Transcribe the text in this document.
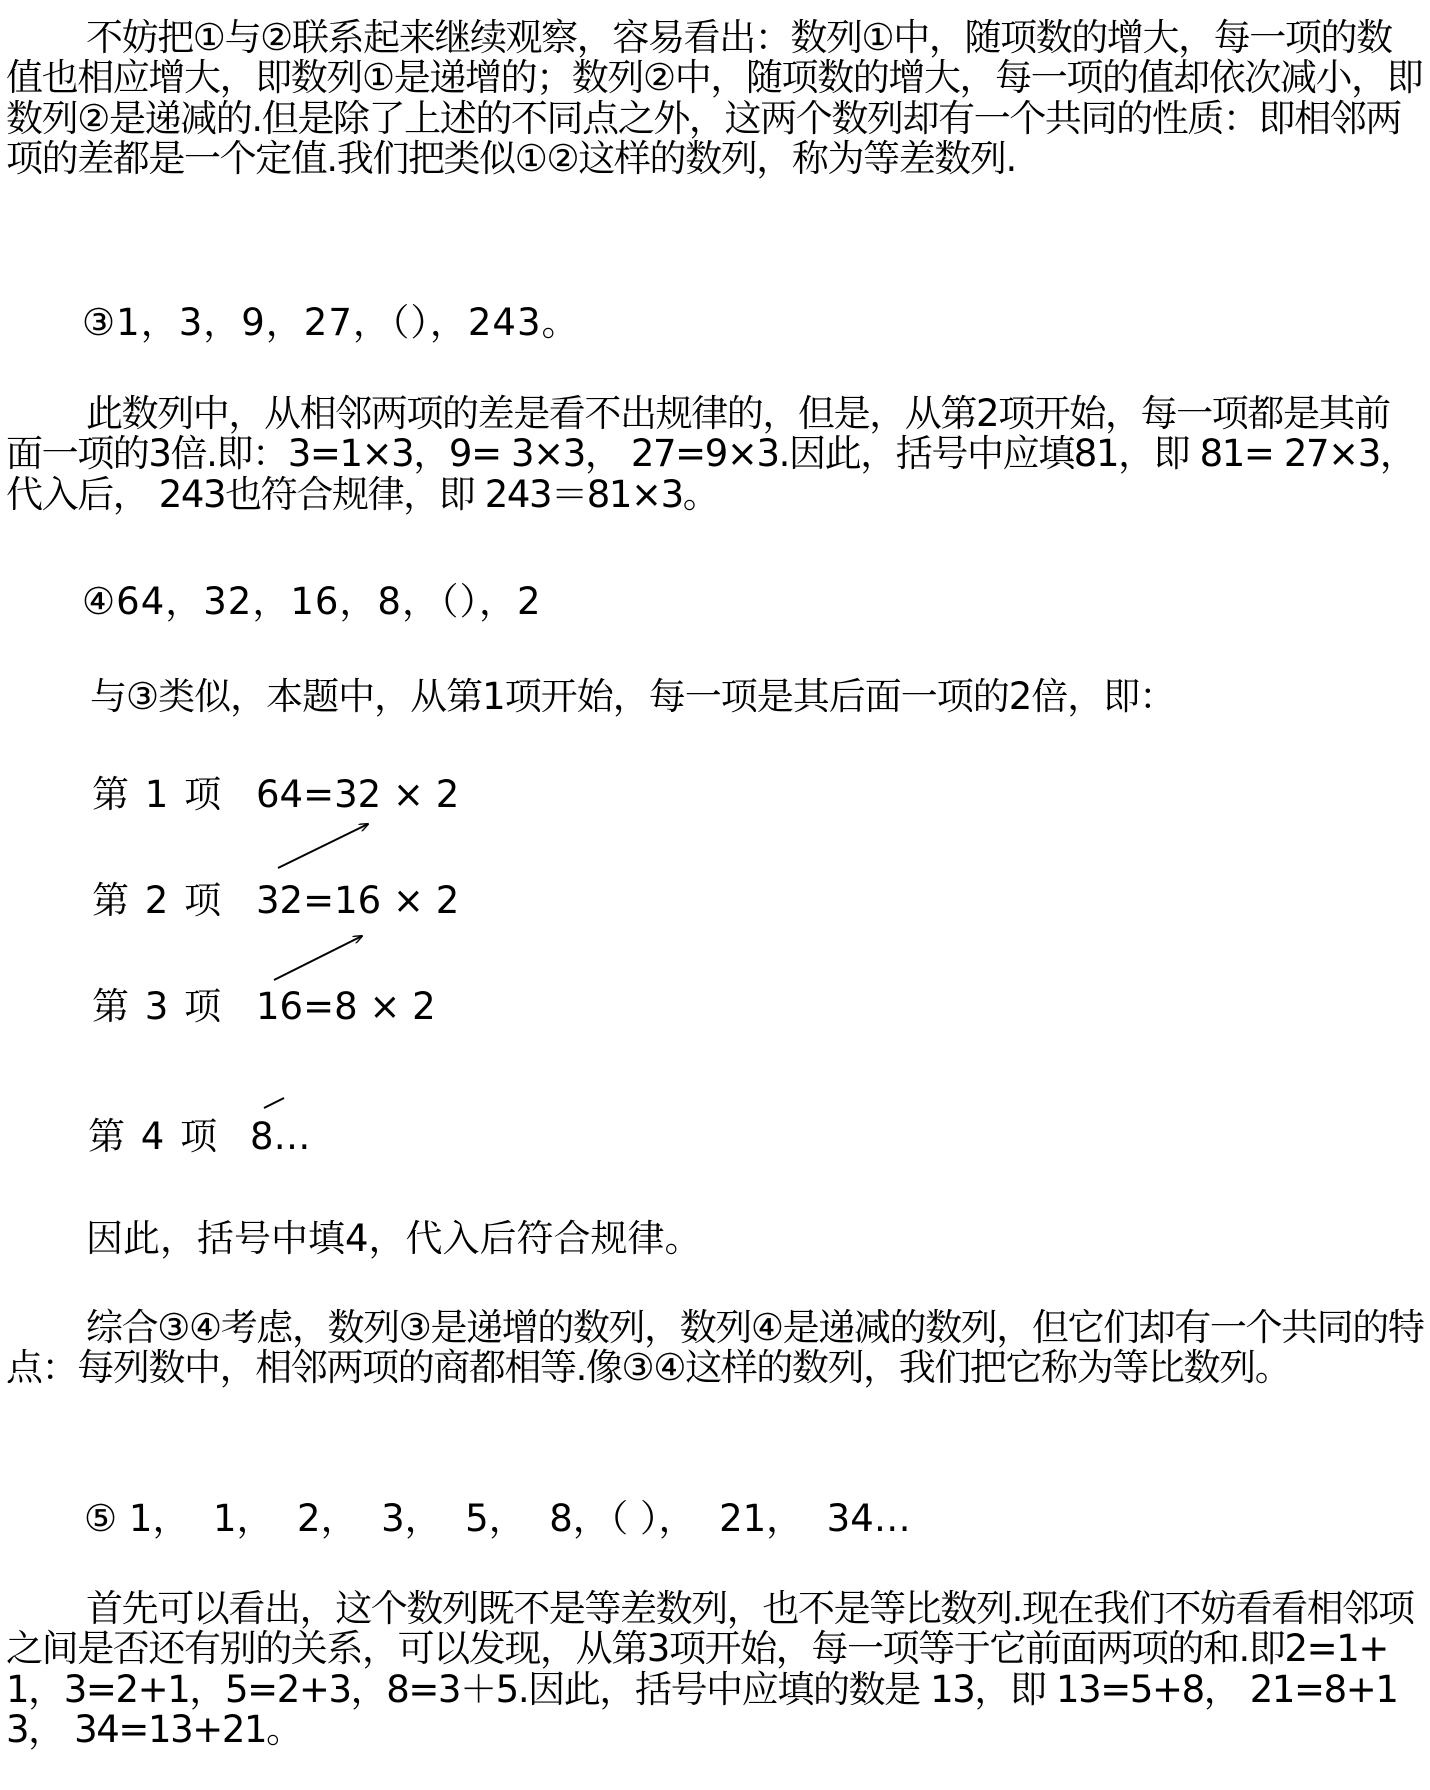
不妨把①与②联系起来继续观察，容易看出：数列①中，随项数的增大，每一项的数值也相应增大，即数列①是递增的；数列②中，随项数的增大，每一项的值却依次减小，即数列②是递减的.但是除了上述的不同点之外，这两个数列却有一个共同的性质：即相邻两项的差都是一个定值.我们把类似①②这样的数列，称为等差数列.

③1，3，9，27，（），243。

此数列中，从相邻两项的差是看不出规律的，但是，从第2项开始，每一项都是其前面一项的3倍.即：3=1×3，9= 3×3， 27=9×3.因此，括号中应填81，即 81= 27×3，代入后， 243也符合规律，即 243＝81×3。

④64，32，16，8，（），2

与③类似，本题中，从第1项开始，每一项是其后面一项的2倍，即：

第 1 项 64=32 × 2

第 2 项 32=16 × 2

第 3 项 16=8 × 2

第 4 项 8…

因此，括号中填4，代入后符合规律。

综合③④考虑，数列③是递增的数列，数列④是递减的数列，但它们却有一个共同的特点：每列数中，相邻两项的商都相等.像③④这样的数列，我们把它称为等比数列。

⑤ 1，  1，  2，  3，  5，  8，（ ），  21，  34…

首先可以看出，这个数列既不是等差数列，也不是等比数列.现在我们不妨看看相邻项之间是否还有别的关系，可以发现，从第3项开始，每一项等于它前面两项的和.即2=1+1，3=2+1，5=2+3，8=3＋5.因此，括号中应填的数是 13，即 13=5+8， 21=8+13， 34=13+21。
